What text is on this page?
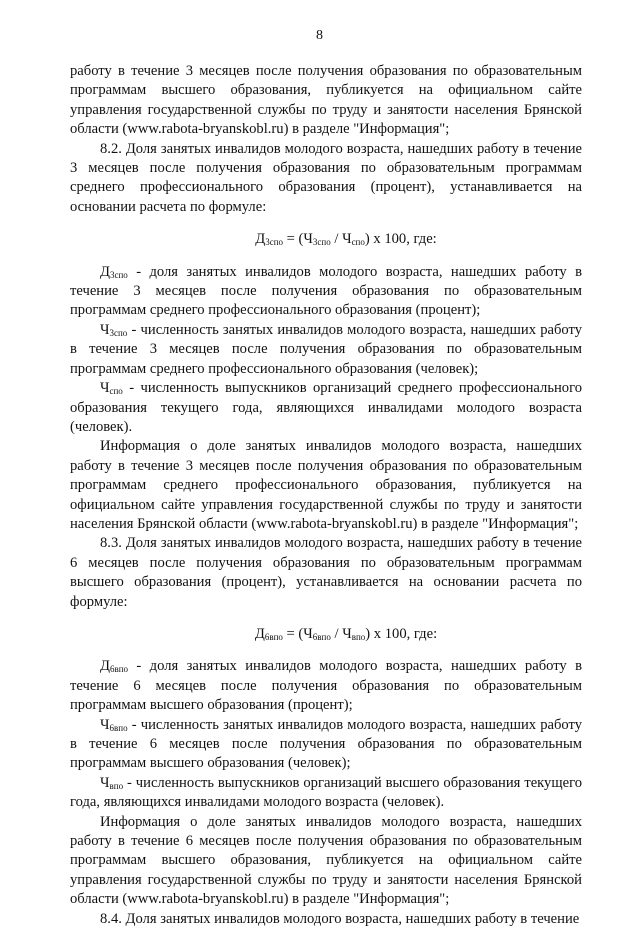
8

работу в течение 3 месяцев после получения образования по образовательным программам высшего образования, публикуется на официальном сайте управления государственной службы по труду и занятости населения Брянской области (www.rabota-bryanskobl.ru) в разделе "Информация";

8.2. Доля занятых инвалидов молодого возраста, нашедших работу в течение 3 месяцев после получения образования по образовательным программам среднего профессионального образования (процент), устанавливается на основании расчета по формуле:

$Д_{3спо} = (Ч_{3спо} / Ч_{спо})$ x 100, где:

$Д_{3спо}$ - доля занятых инвалидов молодого возраста, нашедших работу в течение 3 месяцев после получения образования по образовательным программам среднего профессионального образования (процент);

$Ч_{3спо}$ - численность занятых инвалидов молодого возраста, нашедших работу в течение 3 месяцев после получения образования по образовательным программам среднего профессионального образования (человек);

$Ч_{спо}$ - численность выпускников организаций среднего профессионального образования текущего года, являющихся инвалидами молодого возраста (человек).

Информация о доле занятых инвалидов молодого возраста, нашедших работу в течение 3 месяцев после получения образования по образовательным программам среднего профессионального образования, публикуется на официальном сайте управления государственной службы по труду и занятости населения Брянской области (www.rabota-bryanskobl.ru) в разделе "Информация";

8.3. Доля занятых инвалидов молодого возраста, нашедших работу в течение 6 месяцев после получения образования по образовательным программам высшего образования (процент), устанавливается на основании расчета по формуле:

$Д_{6впо} = (Ч_{6впо} / Ч_{впо})$ x 100, где:

$Д_{6впо}$ - доля занятых инвалидов молодого возраста, нашедших работу в течение 6 месяцев после получения образования по образовательным программам высшего образования (процент);

$Ч_{6впо}$ - численность занятых инвалидов молодого возраста, нашедших работу в течение 6 месяцев после получения образования по образовательным программам высшего образования (человек);

$Ч_{впо}$ - численность выпускников организаций высшего образования текущего года, являющихся инвалидами молодого возраста (человек).

Информация о доле занятых инвалидов молодого возраста, нашедших работу в течение 6 месяцев после получения образования по образовательным программам высшего образования, публикуется на официальном сайте управления государственной службы по труду и занятости населения Брянской области (www.rabota-bryanskobl.ru) в разделе "Информация";

8.4. Доля занятых инвалидов молодого возраста, нашедших работу в течение
